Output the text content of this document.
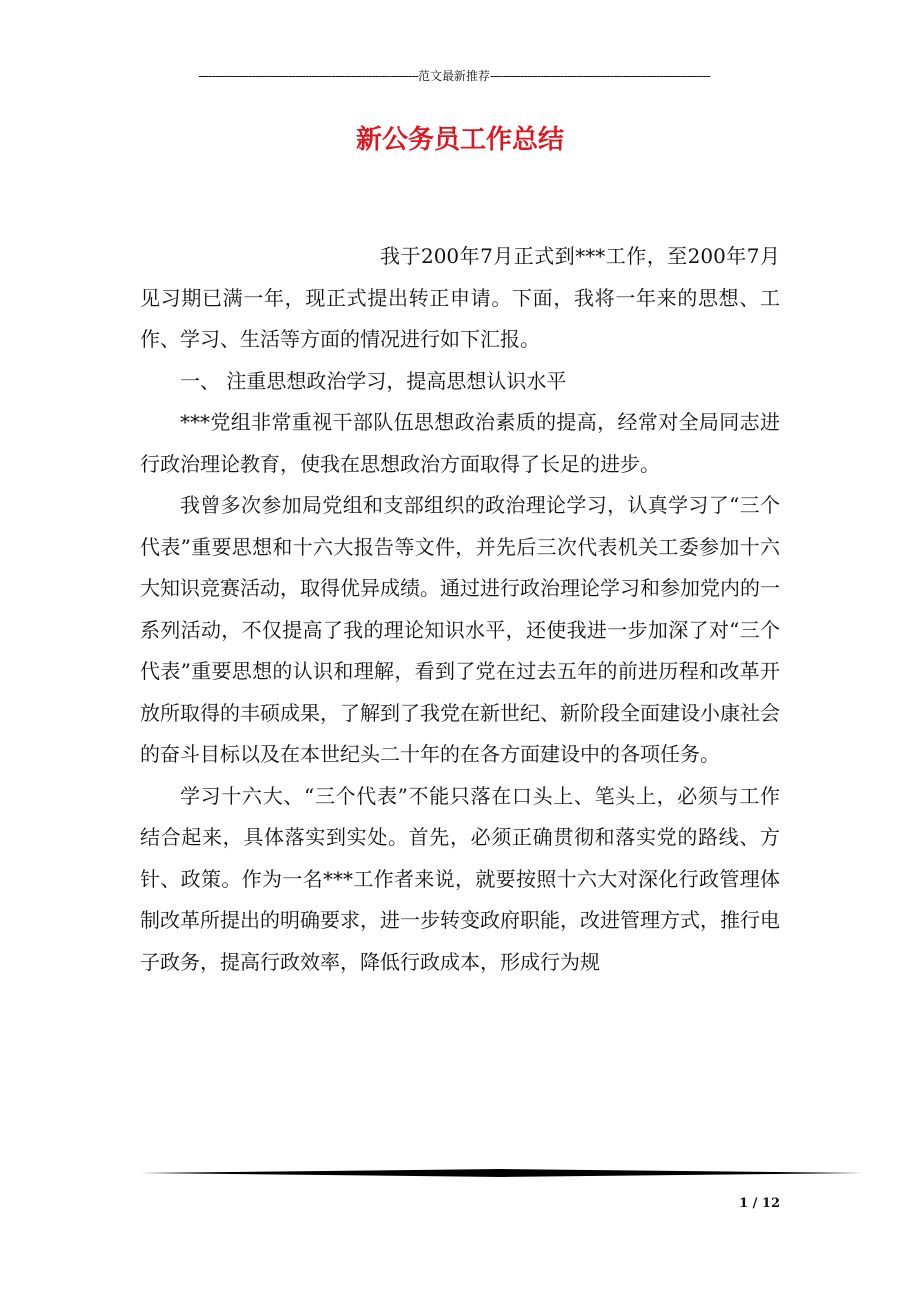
------------------------------------------------------------------范文最新推荐------------------------------------------------------------------
新公务员工作总结

我于200年7月正式到***工作，至200年7月见习期已满一年，现正式提出转正申请。下面，我将一年来的思想、工作、学习、生活等方面的情况进行如下汇报。

一、 注重思想政治学习，提高思想认识水平

***党组非常重视干部队伍思想政治素质的提高，经常对全局同志进行政治理论教育，使我在思想政治方面取得了长足的进步。

我曾多次参加局党组和支部组织的政治理论学习，认真学习了“三个代表”重要思想和十六大报告等文件，并先后三次代表机关工委参加十六大知识竞赛活动，取得优异成绩。通过进行政治理论学习和参加党内的一系列活动，不仅提高了我的理论知识水平，还使我进一步加深了对“三个代表”重要思想的认识和理解，看到了党在过去五年的前进历程和改革开放所取得的丰硕成果，了解到了我党在新世纪、新阶段全面建设小康社会的奋斗目标以及在本世纪头二十年的在各方面建设中的各项任务。

学习十六大、“三个代表”不能只落在口头上、笔头上，必须与工作结合起来，具体落实到实处。首先，必须正确贯彻和落实党的路线、方针、政策。作为一名***工作者来说，就要按照十六大对深化行政管理体制改革所提出的明确要求，进一步转变政府职能，改进管理方式，推行电子政务，提高行政效率，降低行政成本，形成行为规

1 / 12
